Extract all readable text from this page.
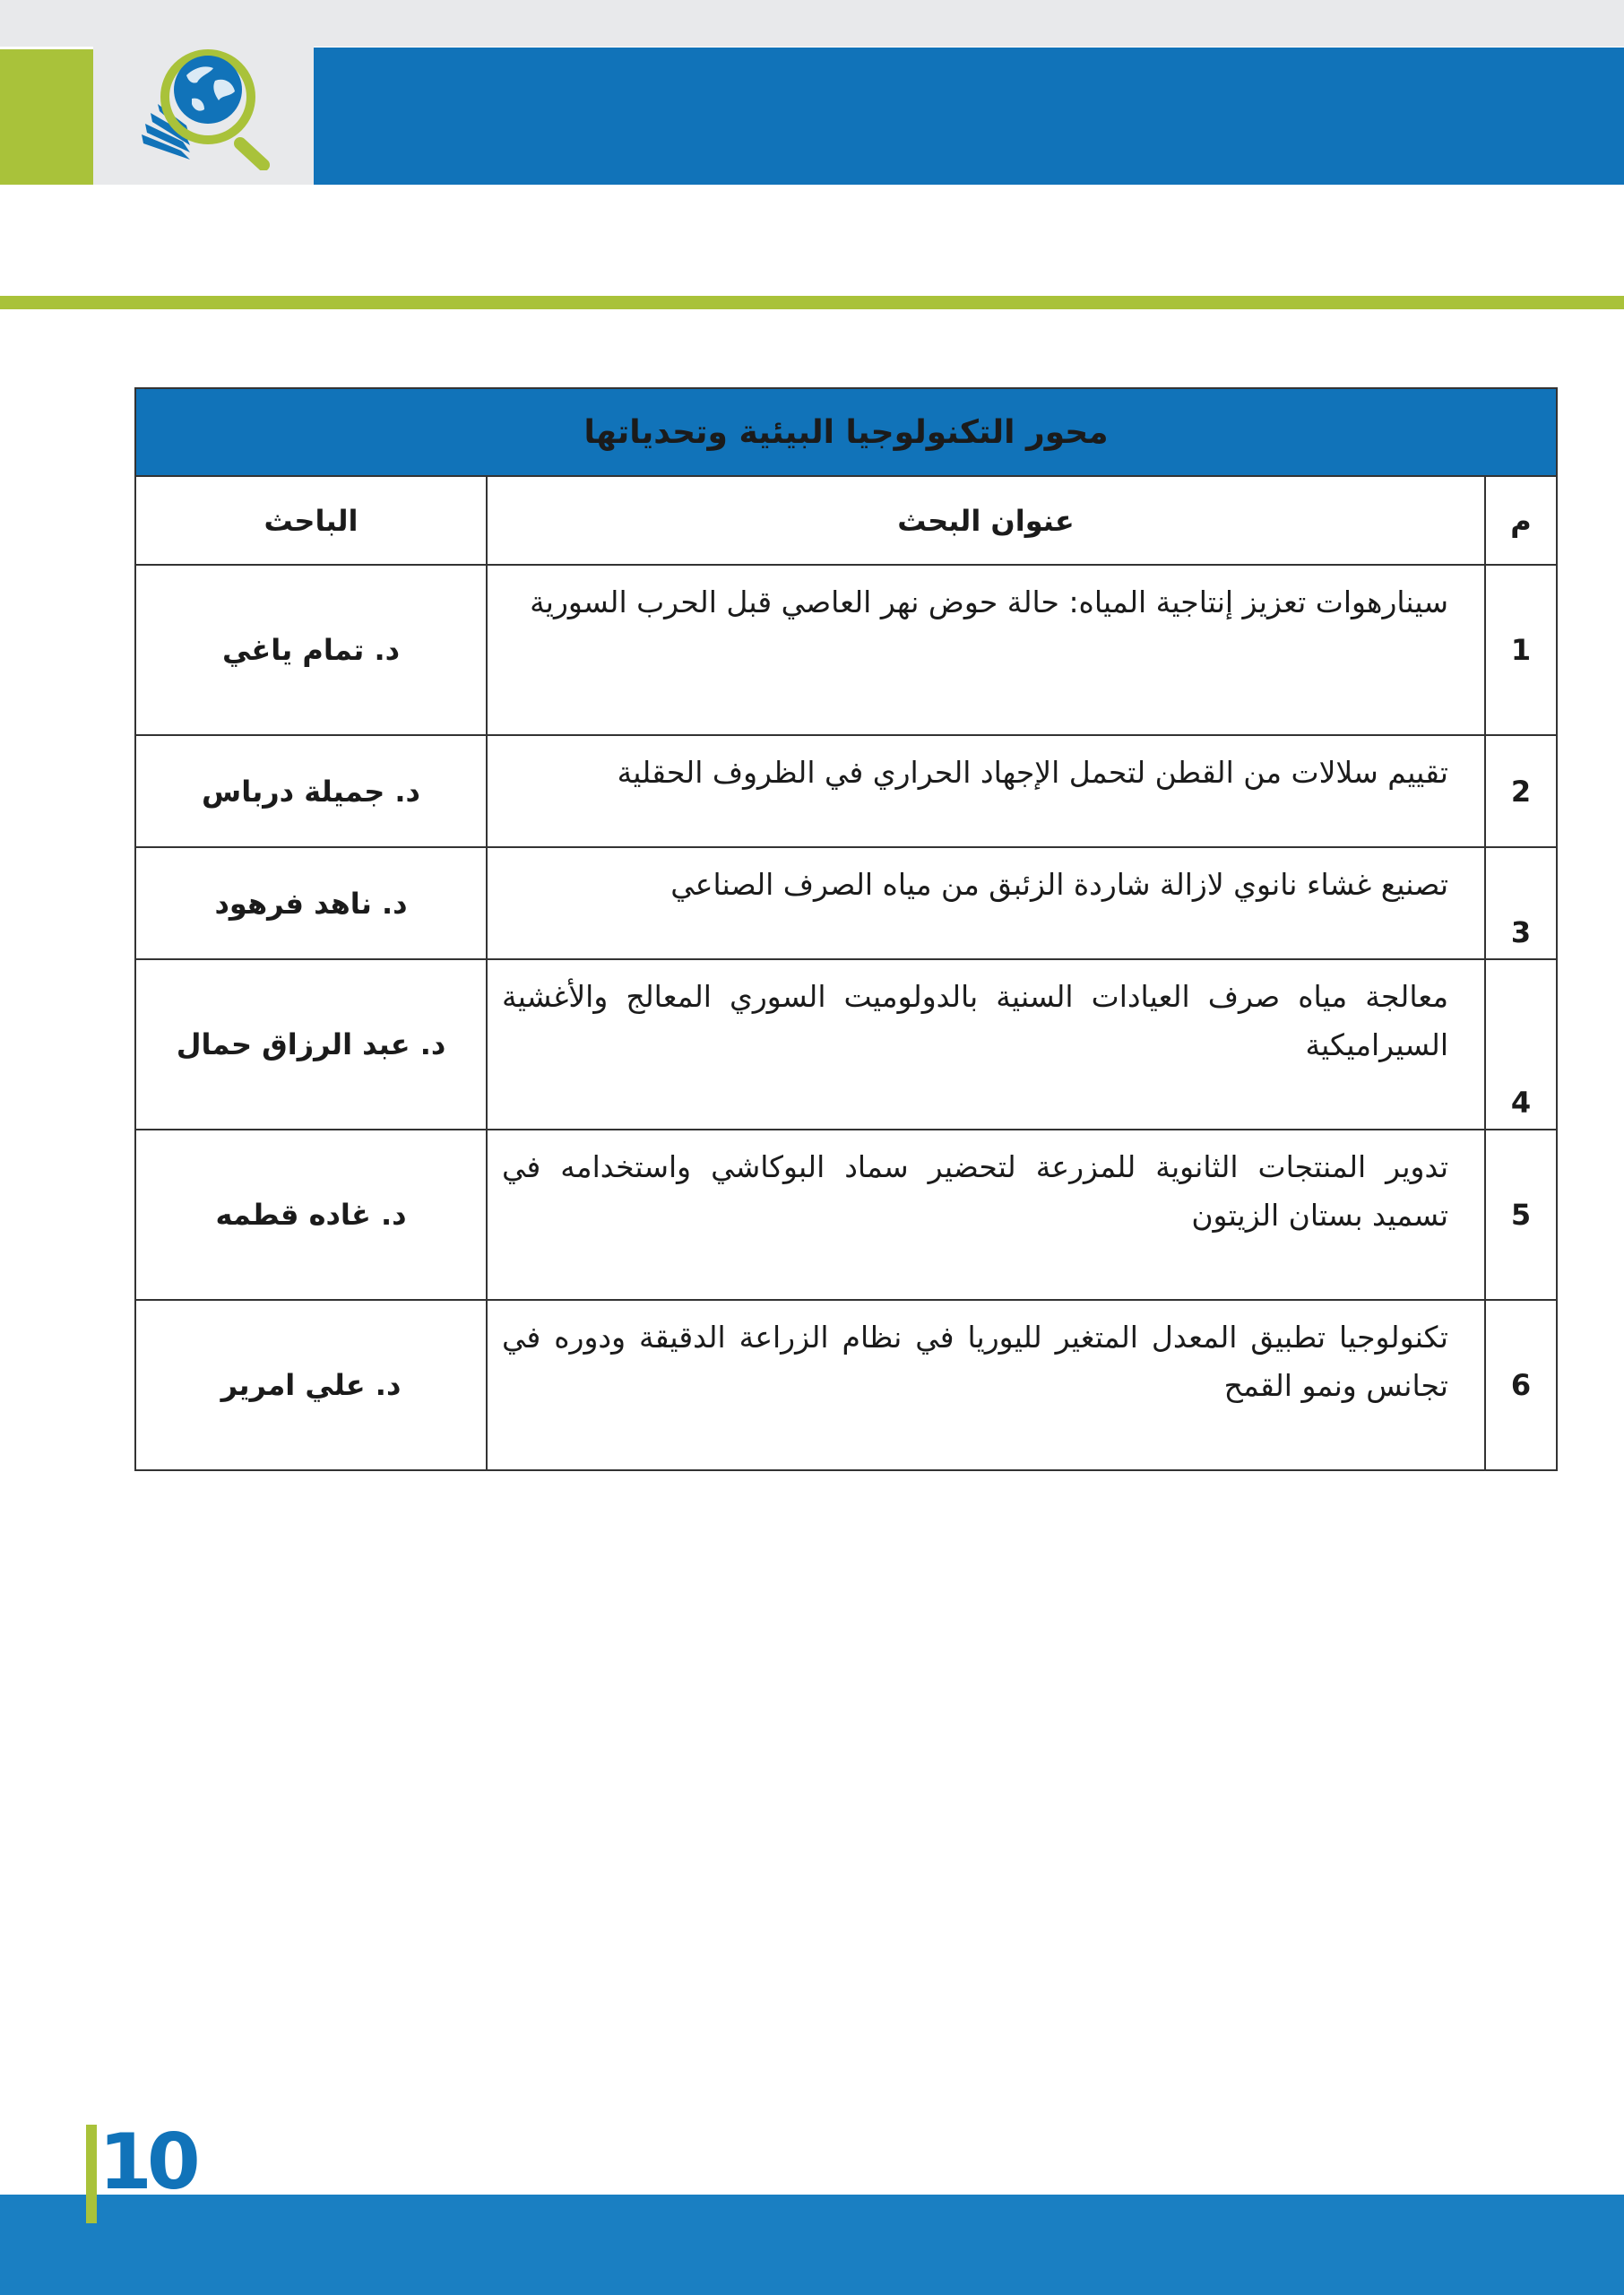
محور التكنولوجيا البيئية وتحدياتها		
م	عنوان البحث	الباحث
1	سينارهوات تعزيز إنتاجية المياه: حالة حوض نهر العاصي قبل الحرب السورية	د. تمام ياغي
2	تقييم سلالات من القطن لتحمل الإجهاد الحراري في الظروف الحقلية	د. جميلة درباس
3	تصنيع غشاء نانوي لازالة شاردة الزئبق من مياه الصرف الصناعي	د. ناهد فرهود
4	معالجة مياه صرف العيادات السنية بالدولوميت السوري المعالج والأغشية السيراميكية	د. عبد الرزاق حمال
5	تدوير المنتجات الثانوية للمزرعة لتحضير سماد البوكاشي واستخدامه في تسميد بستان الزيتون	د. غاده قطمه
6	تكنولوجيا تطبيق المعدل المتغير لليوريا في نظام الزراعة الدقيقة ودوره في تجانس ونمو القمح	د. علي امرير
10
